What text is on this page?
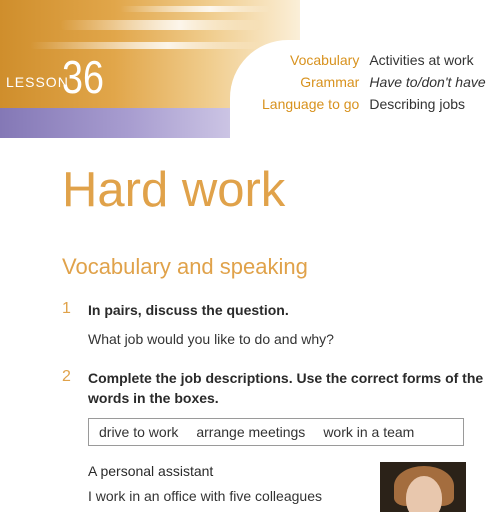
LESSON
36	Vocabulary	Activities at work
Grammar	Have to/don't have
Language to go	Describing jobs
Hard work
Vocabulary and speaking
1 In pairs, discuss the question.

What job would you like to do and why?

2 Complete the job descriptions. Use the correct forms of the words in the boxes.

drive to work arrange meetings work in a team
A personal assistant

I work in an office with five colleagues
